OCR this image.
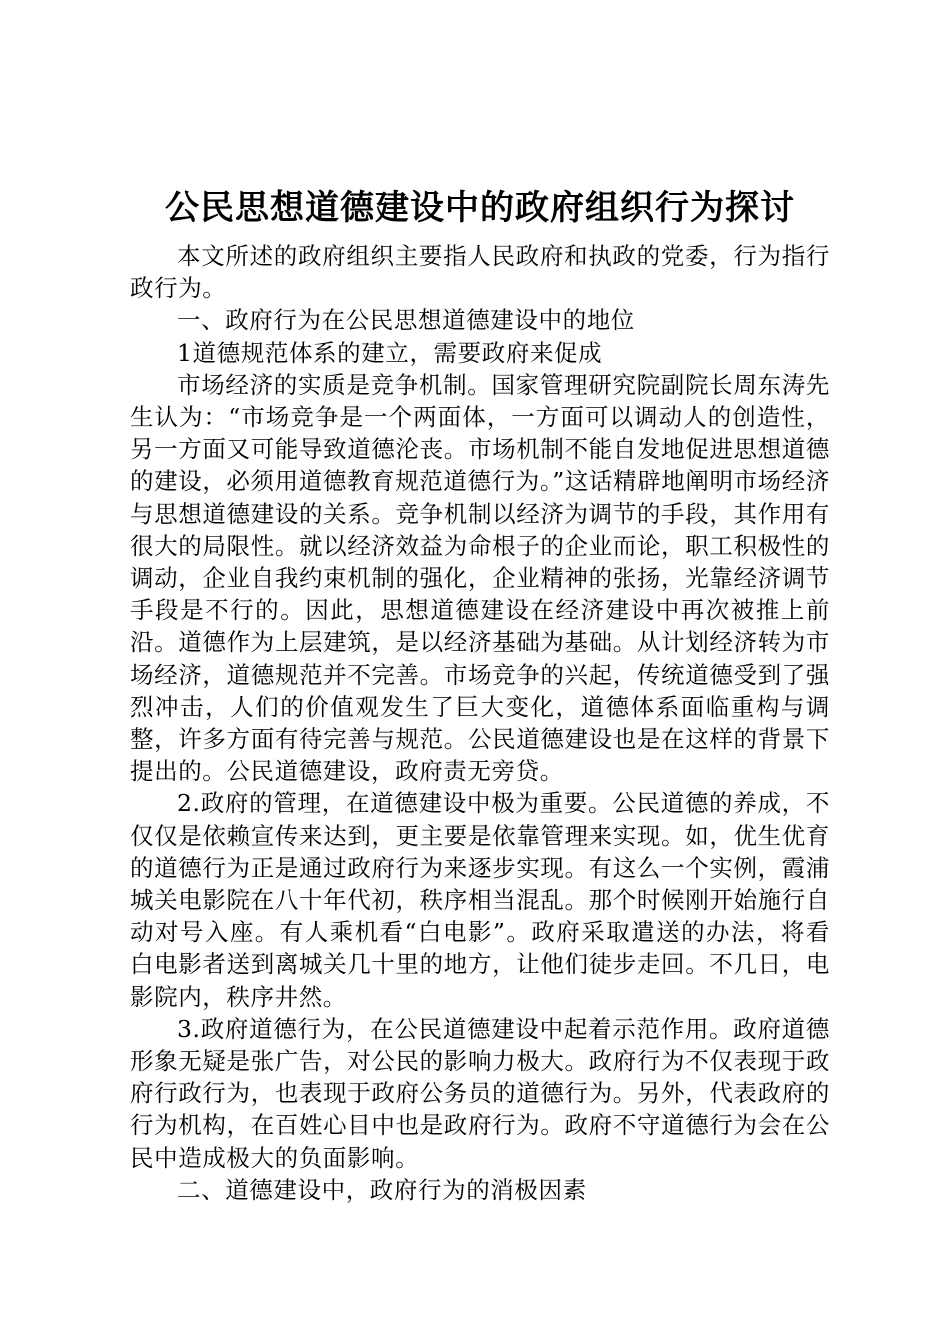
公民思想道德建设中的政府组织行为探讨

本文所述的政府组织主要指人民政府和执政的党委，行为指行政行为。

一、政府行为在公民思想道德建设中的地位

1道德规范体系的建立，需要政府来促成

市场经济的实质是竞争机制。国家管理研究院副院长周东涛先生认为：“市场竞争是一个两面体，一方面可以调动人的创造性，另一方面又可能导致道德沦丧。市场机制不能自发地促进思想道德的建设，必须用道德教育规范道德行为。”这话精辟地阐明市场经济与思想道德建设的关系。竞争机制以经济为调节的手段，其作用有很大的局限性。就以经济效益为命根子的企业而论，职工积极性的调动，企业自我约束机制的强化，企业精神的张扬，光靠经济调节手段是不行的。因此，思想道德建设在经济建设中再次被推上前沿。道德作为上层建筑，是以经济基础为基础。从计划经济转为市场经济，道德规范并不完善。市场竞争的兴起，传统道德受到了强烈冲击，人们的价值观发生了巨大变化，道德体系面临重构与调整，许多方面有待完善与规范。公民道德建设也是在这样的背景下提出的。公民道德建设，政府责无旁贷。

2.政府的管理，在道德建设中极为重要。公民道德的养成，不仅仅是依赖宣传来达到，更主要是依靠管理来实现。如，优生优育的道德行为正是通过政府行为来逐步实现。有这么一个实例，霞浦城关电影院在八十年代初，秩序相当混乱。那个时候刚开始施行自动对号入座。有人乘机看“白电影”。政府采取遣送的办法，将看白电影者送到离城关几十里的地方，让他们徒步走回。不几日，电影院内，秩序井然。

3.政府道德行为，在公民道德建设中起着示范作用。政府道德形象无疑是张广告，对公民的影响力极大。政府行为不仅表现于政府行政行为，也表现于政府公务员的道德行为。另外，代表政府的行为机构，在百姓心目中也是政府行为。政府不守道德行为会在公民中造成极大的负面影响。

二、道德建设中，政府行为的消极因素
